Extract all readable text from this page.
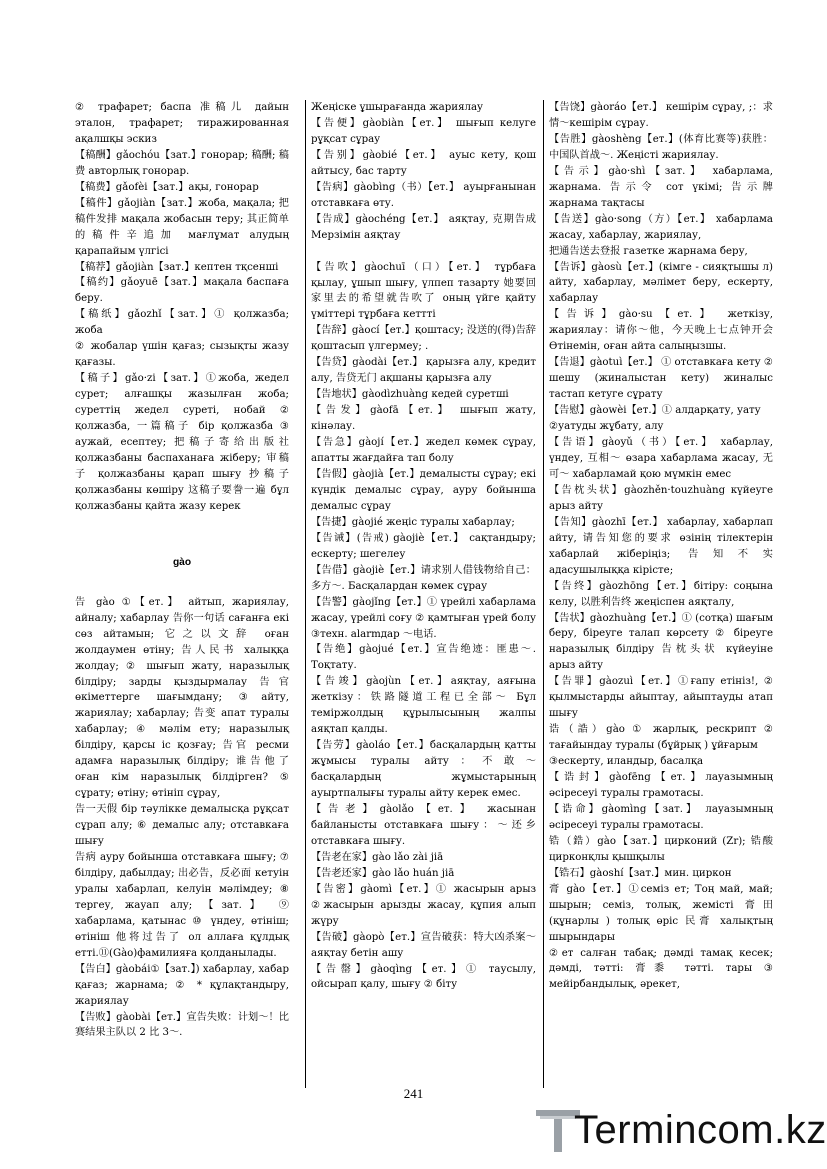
② трафарет; баспа 准稿儿 дайын эталон, трафарет; тиражированная ақалшқы эскиз

【稿酬】gǎochóu【зат.】гонорар; 稿酬; 稿费 авторлық гонорар.

【稿费】gǎofèi【зат.】ақы, гонорар

【稿件】gǎojiàn【зат.】жоба, мақала; 把稿件发排 мақала жобасын теру; 其正简单的稿件辛追加 мағлұмат алудың қарапайым үлгісі

【稿荐】gǎojiàn【зат.】кептен тқсенші

【稿约】gǎoyuē【зат.】мақала баспаға беру.

【稿纸】gǎozhǐ【зат.】① қолжазба; жоба

② жобалар үшін қағаз; сызықты жазу қағазы.

【稿子】gǎo·zi【зат.】①жоба, жедел сурет; алғашқы жазылған жоба; суреттің жедел суреті, нобай ② қолжазба, 一篇稿子 бір қолжазба ③ аужай, есептеу; 把稿子寄给出版社 қолжазбаны баспаханаға жіберу; 审稿子 қолжазбаны қарап шығу 抄稿子 қолжазбаны көшіру 这稿子要誊一遍 бұл қолжазбаны қайта жазу керек

gào

告 gào ①【ет.】 айтып, жариялау, айналу; хабарлау 告你一句话 сағанға екі сөз айтамын; 它之以文辞 оған жолдаумен өтіну; 告人民书 халыққа жолдау; ② шығып жату, наразылық білдіру; зарды қыздырмалау 告官 өкіметтерге шағымдану; ③айту, жариялау; хабарлау; 告变 апат туралы хабарлау; ④ мәлім ету; наразылық білдіру, қарсы іс қозғау; 告官 ресми адамға наразылық білдіру; 谁告他了 оған кім наразылық білдірген? ⑤ сұрату; өтіну; өтініп сұрау,

告一天假 бір тәулікке демалысқа рұқсат сұрап алу; ⑥ демалыс алу; отставкаға шығу

告病 ауру бойынша отставкаға шығу; ⑦ білдіру, дабылдау; 出必告，反必面 кетуін уралы хабарлап, келуін мәлімдеу; ⑧ тергеу, жауап алу; 【зат.】 ⑨ хабарлама, қатынас ⑩ үндеу, өтініш; өтініш 他将过告了 ол аллаға құлдық етті.⑪(Gào)фамилияға қолданылады.

【告白】gàobái①【зат.】) хабарлау, хабар қағаз; жарнама; ② * құлақтандыру, жариялау

【告败】gàobài【ет.】宣告失败：计划～！比赛结果主队以 2 比 3～.

Жеңіске ұшырағанда жариялау

【告便】gàobiàn【ет.】 шығып келуге рұқсат сұрау

【告别】gàobié【ет.】 ауыс кету, қош айтысу, бас тарту

【告病】gàobìng（书）【ет.】 ауырғанынан отставкаға өту.

【告成】gàochéng【ет.】 аяқтау, 克期告成 Мерзімін аяқтау

【告吹】gàochuī（口）【ет.】 тұрбаға қылау, ұшып шығу, үлпеп тазарту 她要回家里去的希望就告吹了 оның үйге қайту үміттері тұрбаға кеттті

【告辞】gàocí【ет.】қоштасу; 没送的(得)告辞 қоштасып үлгермеу; .

【告贷】gàodài【ет.】 қарызға алу, кредит алу, 告贷无门 ақшаны қарызға алу

【告地状】gàodìzhuàng кедей суретші

【告发】gàofā【ет.】 шығып жату, кінәлау.

【告急】gàojí【ет.】жедел көмек сұрау, апатты жағдайға тап болу

【告假】gàojià【ет.】демалысты сұрау; екі күндік демалыс сұрау, ауру бойынша демалыс сұрау

【告捷】gàojié жеңіс туралы хабарлау;

【告诫】(告戒) gàojiè【ет.】 сақтандыру; ескерту; шегелеу

【告借】gàojiè【ет.】请求别人借钱物给自己：多方～. Басқалардан көмек сұрау

【告警】gàojǐng【ет.】① үрейлі хабарлама жасау, үрейлі соғу ② қамтыған үрей болу ③техн. alarmдар ～电话.

【告绝】gàojué【ет.】宣告绝迹：匪患～. Тоқтату.

【告竣】gàojùn【ет.】аяқтау, аяғына жеткізу：铁路隧道工程已全部～ Бұл теміржолдың құрылысының жалпы аяқтап қалды.

【告劳】gàoláo【ет.】басқалардың қатты жұмысы туралы айту：不敢～ басқалардың жұмыстарының ауыртпалығы туралы айту керек емес.

【告老】gàolǎo【ет.】 жасынан байланысты отставкаға шығу：～还乡 отставкаға шығу.

【告老在家】gào lǎo zài jiā

【告老还家】gào lǎo huán jiā

【告密】gàomì【ет.】① жасырын арыз ②жасырын арызды жасау, құпия алып жүру

【告破】gàopò【ет.】宣告破获：特大凶杀案～ аяқтау бетін ашу

【告罄】gàoqìng【ет.】① таусылу, ойсырап қалу, шығу ② біту

【告饶】gàoráo【ет.】 кешірім сұрау, ;：求情～кешірім сұрау.

【告胜】gàoshèng【ет.】(体育比赛等)获胜：中国队首战～. Жеңісті жариялау.

【告示】gào·shì【зат.】 хабарлама, жарнама. 告示令 сот үкімі; 告示牌 жарнама тақтасы

【告送】gào·song（方）【ет.】 хабарлама жасау, хабарлау, жариялау,

把通告送去登报 газетке жарнама беру,

【告诉】gàosù【ет.】(кімге - сияқтышы л) айту, хабарлау, мәлімет беру, ескерту, хабарлау

【告诉】gào·su【ет.】 жеткізу, жариялау：请你～他，今天晚上七点钟开会 Өтінемін, оған айта салыңызшы.

【告退】gàotuì【ет.】 ① отставкаға кету ② шешу (жиналыстан кету) жиналыс тастап кетуге сұрату

【告慰】gàowèi【ет.】① алдарқату, уату

②уатуды жұбату, алу

【告语】gàoyǔ（书）【ет.】 хабарлау, үндеу, 互相～ өзара хабарлама жасау, 无可～ хабарламай қою мүмкін емес

【告枕头状】gàozhěn·touzhuàng күйеуге арыз айту

【告知】gàozhī【ет.】 хабарлау, хабарлап айту, 请告知您的要求 өзінің тілектерін хабарлай жіберіңіз; 告知不实 адасушылыққа кірісте;

【告终】gàozhōng【ет.】бітіру: соңына келу, 以胜利告终 жеңіспен аяқталу,

【告状】gàozhuàng【ет.】① (сотқа) шағым беру, біреуге талап көрсету ② біреуге наразылық білдіру 告枕头状 күйеуіне арыз айту

【告罪】gàozuì【ет.】①ғапу етініз!, ② қылмыстарды айыптау, айыптауды атап шығу

诰（誥）gào ① жарлық, рескрипт ② тағайындау туралы (бұйрық ) ұйғарым

③ескерту, иландыр, басалқа

【诰封】gàofēng【ет.】лауазымның әсіресеуі туралы грамотасы.

【诰命】gàomìng【зат.】 лауазымның әсіресеуі туралы грамотасы.

锆（鋯）gào【зат.】цирконий (Zr); 锆酸 цирконқлы қышқылы

【锆石】gàoshí【зат.】мин. циркон

膏 gào【ет.】①семіз ет; Тоң май, май; шырын; семіз, толық, жемісті 膏田 (құнарлы ) толық өріс 民膏 халықтың шырындары

②ет салған табақ; дәмді тамақ кесек; дәмді, тәтті: 膏黍 тәтті. тары ③ мейірбандылық, әрекет,

241
Termincom.kz
